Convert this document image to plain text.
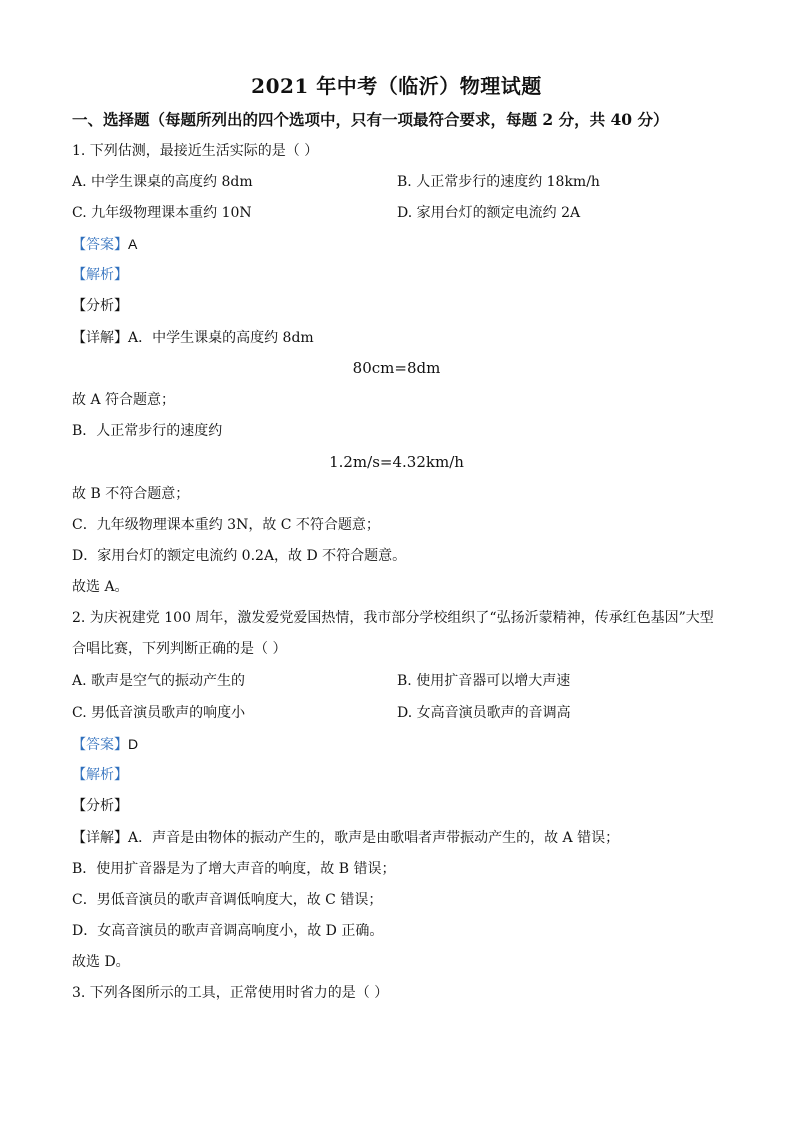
2021 年中考（临沂）物理试题
一、选择题（每题所列出的四个选项中，只有一项最符合要求，每题 2 分，共 40 分）
1. 下列估测，最接近生活实际的是（ ）
A. 中学生课桌的高度约 8dm	B. 人正常步行的速度约 18km/h
C. 九年级物理课本重约 10N	D. 家用台灯的额定电流约 2A
【答案】A
【解析】
【分析】
【详解】A．中学生课桌的高度约 8dm
80cm=8dm
故 A 符合题意；
B．人正常步行的速度约
1.2m/s=4.32km/h
故 B 不符合题意；
C．九年级物理课本重约 3N，故 C 不符合题意；
D．家用台灯的额定电流约 0.2A，故 D 不符合题意。
故选 A。
2. 为庆祝建党 100 周年，激发爱党爱国热情，我市部分学校组织了“弘扬沂蒙精神，传承红色基因”大型
合唱比赛，下列判断正确的是（ ）
A. 歌声是空气的振动产生的	B. 使用扩音器可以增大声速
C. 男低音演员歌声的响度小	D. 女高音演员歌声的音调高
【答案】D
【解析】
【分析】
【详解】A．声音是由物体的振动产生的，歌声是由歌唱者声带振动产生的，故 A 错误；
B．使用扩音器是为了增大声音的响度，故 B 错误；
C．男低音演员的歌声音调低响度大，故 C 错误；
D．女高音演员的歌声音调高响度小，故 D 正确。
故选 D。
3. 下列各图所示的工具，正常使用时省力的是（ ）
